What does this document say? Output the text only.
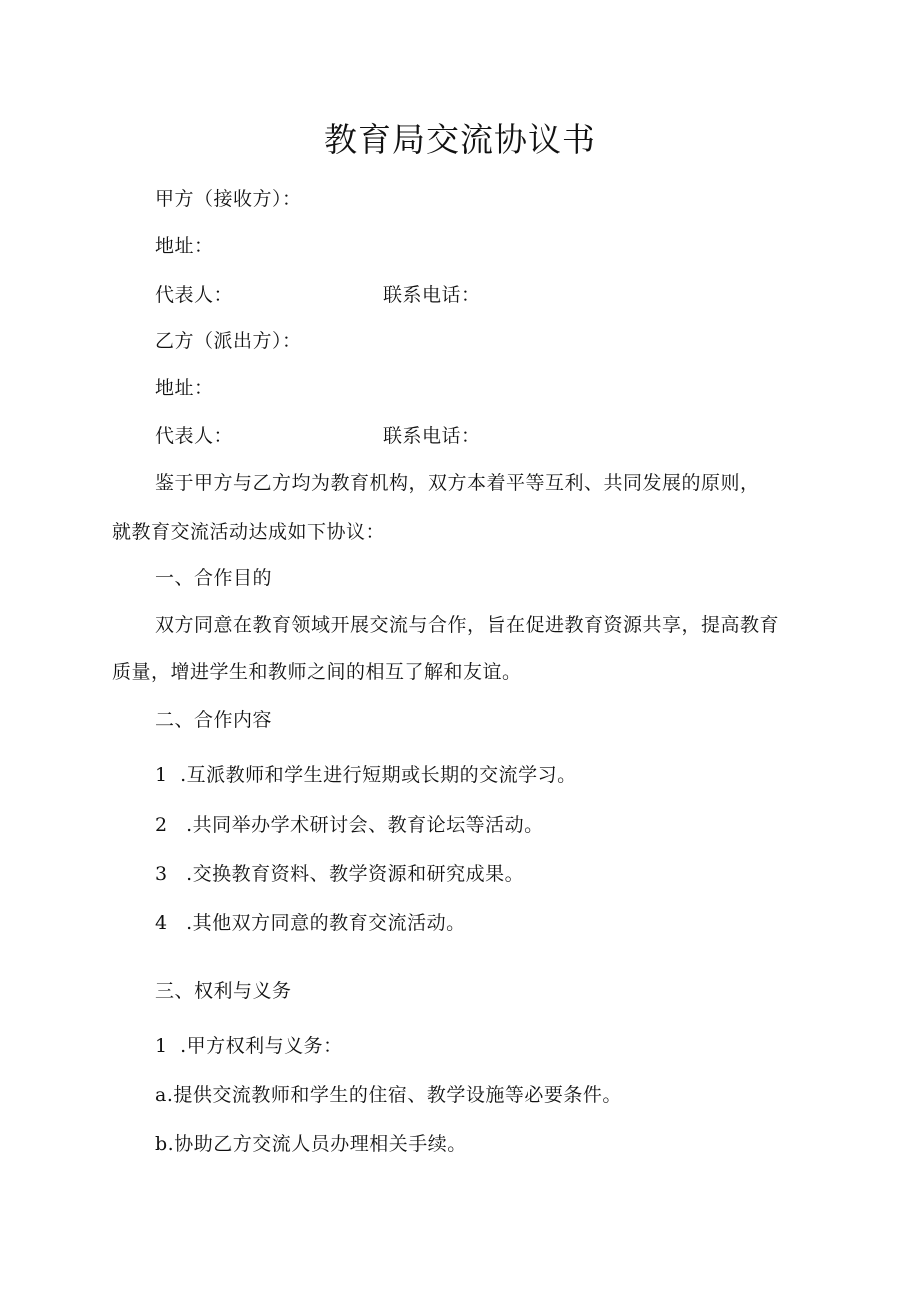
教育局交流协议书
甲方（接收方）：
地址：
代表人：	联系电话：
乙方（派出方）：
地址：
代表人：	联系电话：
鉴于甲方与乙方均为教育机构，双方本着平等互利、共同发展的原则，
就教育交流活动达成如下协议：
一、合作目的
双方同意在教育领域开展交流与合作，旨在促进教育资源共享，提高教育
质量，增进学生和教师之间的相互了解和友谊。
二、合作内容
1 .互派教师和学生进行短期或长期的交流学习。
2 .共同举办学术研讨会、教育论坛等活动。
3 .交换教育资料、教学资源和研究成果。
4 .其他双方同意的教育交流活动。
三、权利与义务
1 .甲方权利与义务：
a.提供交流教师和学生的住宿、教学设施等必要条件。
b.协助乙方交流人员办理相关手续。
